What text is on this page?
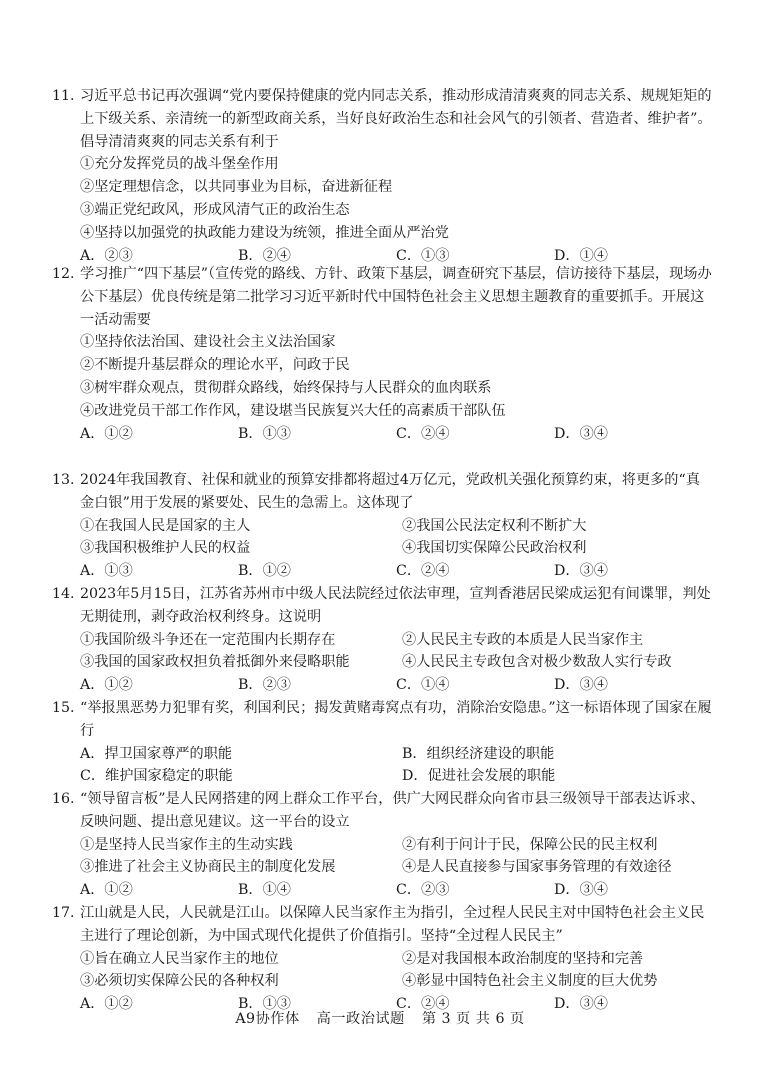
11. 习近平总书记再次强调“党内要保持健康的党内同志关系，推动形成清清爽爽的同志关系、规规矩矩的上下级关系、亲清统一的新型政商关系，当好良好政治生态和社会风气的引领者、营造者、维护者”。倡导清清爽爽的同志关系有利于
①充分发挥党员的战斗堡垒作用
②坚定理想信念，以共同事业为目标，奋进新征程
③端正党纪政风，形成风清气正的政治生态
④坚持以加强党的执政能力建设为统领，推进全面从严治党
A．②③	B．②④	C．①③	D．①④
12. 学习推广“四下基层”（宣传党的路线、方针、政策下基层，调查研究下基层，信访接待下基层，现场办公下基层）优良传统是第二批学习习近平新时代中国特色社会主义思想主题教育的重要抓手。开展这一活动需要
①坚持依法治国、建设社会主义法治国家
②不断提升基层群众的理论水平，问政于民
③树牢群众观点，贯彻群众路线，始终保持与人民群众的血肉联系
④改进党员干部工作作风，建设堪当民族复兴大任的高素质干部队伍
A．①②	B．①③	C．②④	D．③④
13. 2024年我国教育、社保和就业的预算安排都将超过4万亿元，党政机关强化预算约束，将更多的“真金白银”用于发展的紧要处、民生的急需上。这体现了
①在我国人民是国家的主人	②我国公民法定权利不断扩大
③我国积极维护人民的权益	④我国切实保障公民政治权利
A．①③	B．①②	C．②④	D．③④
14. 2023年5月15日，江苏省苏州市中级人民法院经过依法审理，宣判香港居民梁成运犯有间谍罪，判处无期徒刑，剥夺政治权利终身。这说明
①我国阶级斗争还在一定范围内长期存在	②人民民主专政的本质是人民当家作主
③我国的国家政权担负着抵御外来侵略职能	④人民民主专政包含对极少数敌人实行专政
A．①②	B．②③	C．①④	D．③④
15. “举报黑恶势力犯罪有奖，利国利民；揭发黄赌毒窝点有功，消除治安隐患。”这一标语体现了国家在履行
A．捍卫国家尊严的职能	B．组织经济建设的职能
C．维护国家稳定的职能	D．促进社会发展的职能
16. “领导留言板”是人民网搭建的网上群众工作平台，供广大网民群众向省市县三级领导干部表达诉求、反映问题、提出意见建议。这一平台的设立
①是坚持人民当家作主的生动实践	②有利于问计于民，保障公民的民主权利
③推进了社会主义协商民主的制度化发展	④是人民直接参与国家事务管理的有效途径
A．①②	B．①④	C．②③	D．③④
17. 江山就是人民，人民就是江山。以保障人民当家作主为指引，全过程人民民主对中国特色社会主义民主进行了理论创新，为中国式现代化提供了价值指引。坚持“全过程人民民主”
①旨在确立人民当家作主的地位	②是对我国根本政治制度的坚持和完善
③必须切实保障公民的各种权利	④彰显中国特色社会主义制度的巨大优势
A．①②	B．①③	C．②④	D．③④
A9协作体 高一政治试题 第 3 页 共 6 页
